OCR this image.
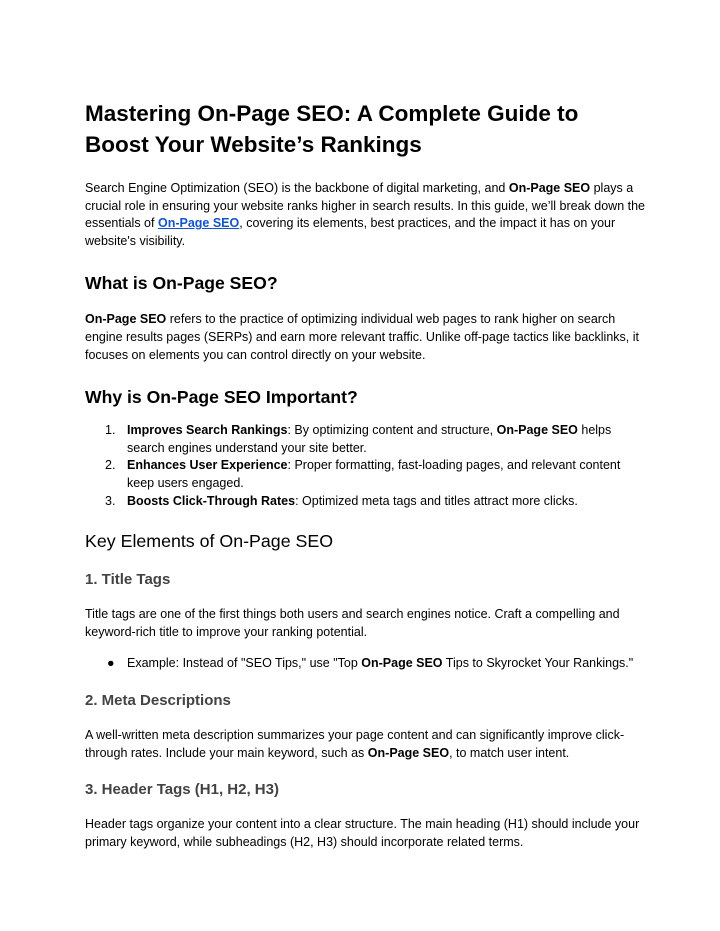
Mastering On-Page SEO: A Complete Guide to Boost Your Website’s Rankings

Search Engine Optimization (SEO) is the backbone of digital marketing, and On-Page SEO plays a crucial role in ensuring your website ranks higher in search results. In this guide, we’ll break down the essentials of On-Page SEO, covering its elements, best practices, and the impact it has on your website's visibility.

What is On-Page SEO?

On-Page SEO refers to the practice of optimizing individual web pages to rank higher on search engine results pages (SERPs) and earn more relevant traffic. Unlike off-page tactics like backlinks, it focuses on elements you can control directly on your website.

Why is On-Page SEO Important?
1. Improves Search Rankings: By optimizing content and structure, On-Page SEO helps search engines understand your site better.
2. Enhances User Experience: Proper formatting, fast-loading pages, and relevant content keep users engaged.
3. Boosts Click-Through Rates: Optimized meta tags and titles attract more clicks.
Key Elements of On-Page SEO
1. Title Tags

Title tags are one of the first things both users and search engines notice. Craft a compelling and keyword-rich title to improve your ranking potential.

● Example: Instead of "SEO Tips," use "Top On-Page SEO Tips to Skyrocket Your Rankings."
2. Meta Descriptions

A well-written meta description summarizes your page content and can significantly improve click-through rates. Include your main keyword, such as On-Page SEO, to match user intent.

3. Header Tags (H1, H2, H3)

Header tags organize your content into a clear structure. The main heading (H1) should include your primary keyword, while subheadings (H2, H3) should incorporate related terms.
